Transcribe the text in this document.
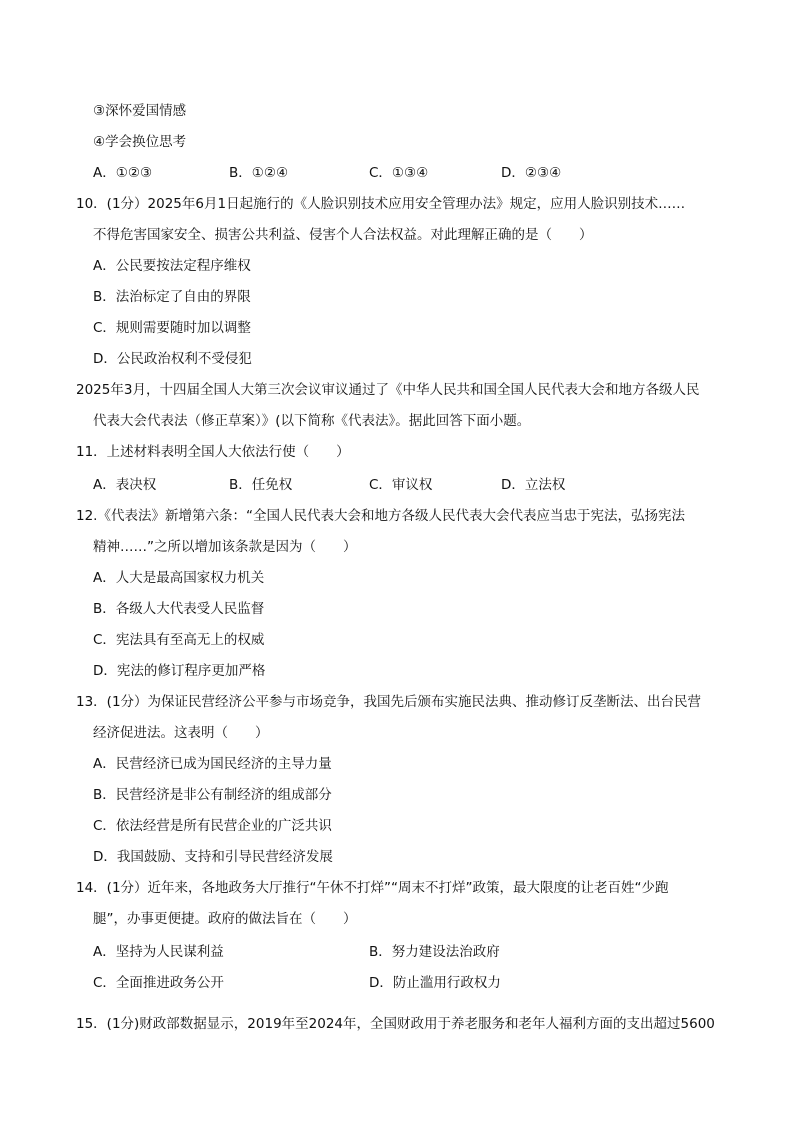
③深怀爱国情感
④学会换位思考
A．①②③	B．①②④	C．①③④	D．②③④
10．(1分）2025年6月1日起施行的《人脸识别技术应用安全管理办法》规定，应用人脸识别技术……
不得危害国家安全、损害公共利益、侵害个人合法权益。对此理解正确的是（　　）
A．公民要按法定程序维权
B．法治标定了自由的界限
C．规则需要随时加以调整
D．公民政治权利不受侵犯
2025年3月，十四届全国人大第三次会议审议通过了《中华人民共和国全国人民代表大会和地方各级人民
代表大会代表法（修正草案）》(以下简称《代表法》。据此回答下面小题。
11．上述材料表明全国人大依法行使（　　）
A．表决权	B．任免权	C．审议权	D．立法权
12.《代表法》新增第六条：“全国人民代表大会和地方各级人民代表大会代表应当忠于宪法，弘扬宪法
精神……”之所以增加该条款是因为（　　）
A．人大是最高国家权力机关
B．各级人大代表受人民监督
C．宪法具有至高无上的权威
D．宪法的修订程序更加严格
13．(1分）为保证民营经济公平参与市场竞争，我国先后颁布实施民法典、推动修订反垄断法、出台民营
经济促进法。这表明（　　）
A．民营经济已成为国民经济的主导力量
B．民营经济是非公有制经济的组成部分
C．依法经营是所有民营企业的广泛共识
D．我国鼓励、支持和引导民营经济发展
14．(1分）近年来，各地政务大厅推行“午休不打烊”“周末不打烊”政策，最大限度的让老百姓“少跑
腿”，办事更便捷。政府的做法旨在（　　）
A．坚持为人民谋利益	B．努力建设法治政府
C．全面推进政务公开	D．防止滥用行政权力
15．(1分)财政部数据显示，2019年至2024年，全国财政用于养老服务和老年人福利方面的支出超过5600
